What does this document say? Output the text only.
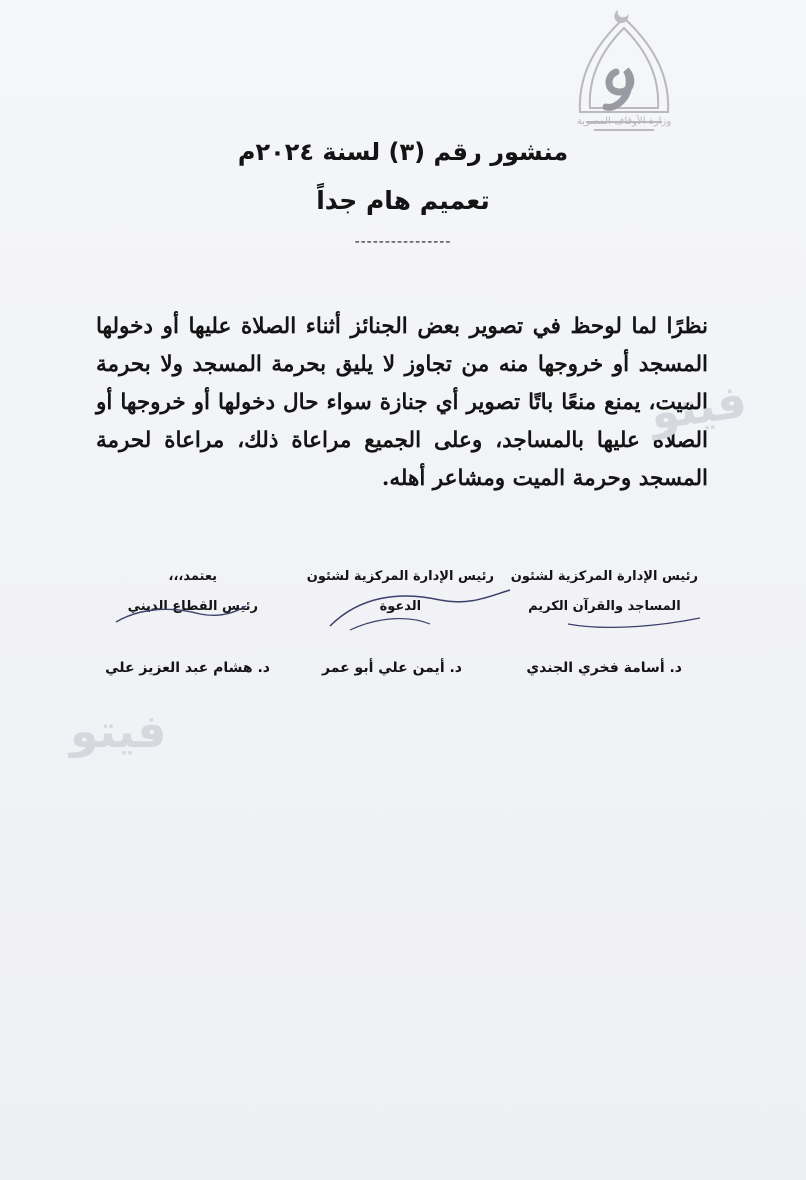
وزارة الأوقاف المصرية
منشور رقم (٣) لسنة ٢٠٢٤م
تعميم هام جداً
----------------
نظرًا لما لوحظ في تصوير بعض الجنائز أثناء الصلاة عليها أو دخولها المسجد أو خروجها منه من تجاوز لا يليق بحرمة المسجد ولا بحرمة الميت، يمنع منعًا باتًا تصوير أي جنازة سواء حال دخولها أو خروجها أو الصلاة عليها بالمساجد، وعلى الجميع مراعاة ذلك، مراعاة لحرمة المسجد وحرمة الميت ومشاعر أهله.
رئيس الإدارة المركزية لشئون
المساجد والقرآن الكريم
رئيس الإدارة المركزية لشئون
الدعوة
يعتمد،،،
رئيس القطاع الديني
د. أسامة فخري الجندي
د. أيمن علي أبو عمر
د. هشام عبد العزيز علي
فيتو
فيتو
